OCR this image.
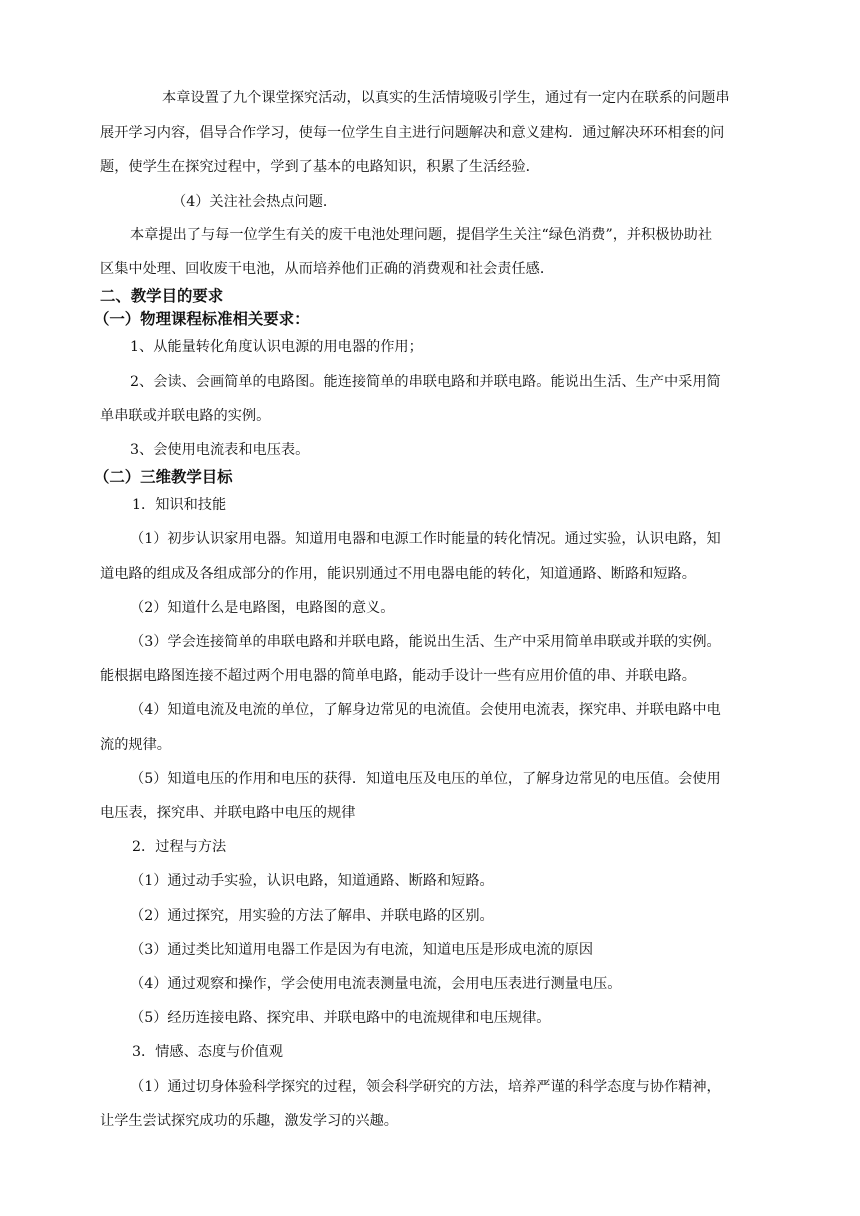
本章设置了九个课堂探究活动，以真实的生活情境吸引学生，通过有一定内在联系的问题串
展开学习内容，倡导合作学习，使每一位学生自主进行问题解决和意义建构．通过解决环环相套的问
题，使学生在探究过程中，学到了基本的电路知识，积累了生活经验．
（4）关注社会热点问题．
本章提出了与每一位学生有关的废干电池处理问题，提倡学生关注“绿色消费”，并积极协助社
区集中处理、回收废干电池，从而培养他们正确的消费观和社会责任感．
二、教学目的要求
（一）物理课程标准相关要求：
1、从能量转化角度认识电源的用电器的作用；
2、会读、会画简单的电路图。能连接简单的串联电路和并联电路。能说出生活、生产中采用简
单串联或并联电路的实例。
3、会使用电流表和电压表。
（二）三维教学目标
1．知识和技能
（1）初步认识家用电器。知道用电器和电源工作时能量的转化情况。通过实验，认识电路，知
道电路的组成及各组成部分的作用，能识别通过不用电器电能的转化，知道通路、断路和短路。
（2）知道什么是电路图，电路图的意义。
（3）学会连接简单的串联电路和并联电路，能说出生活、生产中采用简单串联或并联的实例。
能根据电路图连接不超过两个用电器的简单电路，能动手设计一些有应用价值的串、并联电路。
（4）知道电流及电流的单位，了解身边常见的电流值。会使用电流表，探究串、并联电路中电
流的规律。
（5）知道电压的作用和电压的获得．知道电压及电压的单位，了解身边常见的电压值。会使用
电压表，探究串、并联电路中电压的规律
2．过程与方法
（1）通过动手实验，认识电路，知道通路、断路和短路。
（2）通过探究，用实验的方法了解串、并联电路的区别。
（3）通过类比知道用电器工作是因为有电流，知道电压是形成电流的原因
（4）通过观察和操作，学会使用电流表测量电流，会用电压表进行测量电压。
（5）经历连接电路、探究串、并联电路中的电流规律和电压规律。
3．情感、态度与价值观
（1）通过切身体验科学探究的过程，领会科学研究的方法，培养严谨的科学态度与协作精神，
让学生尝试探究成功的乐趣，激发学习的兴趣。
